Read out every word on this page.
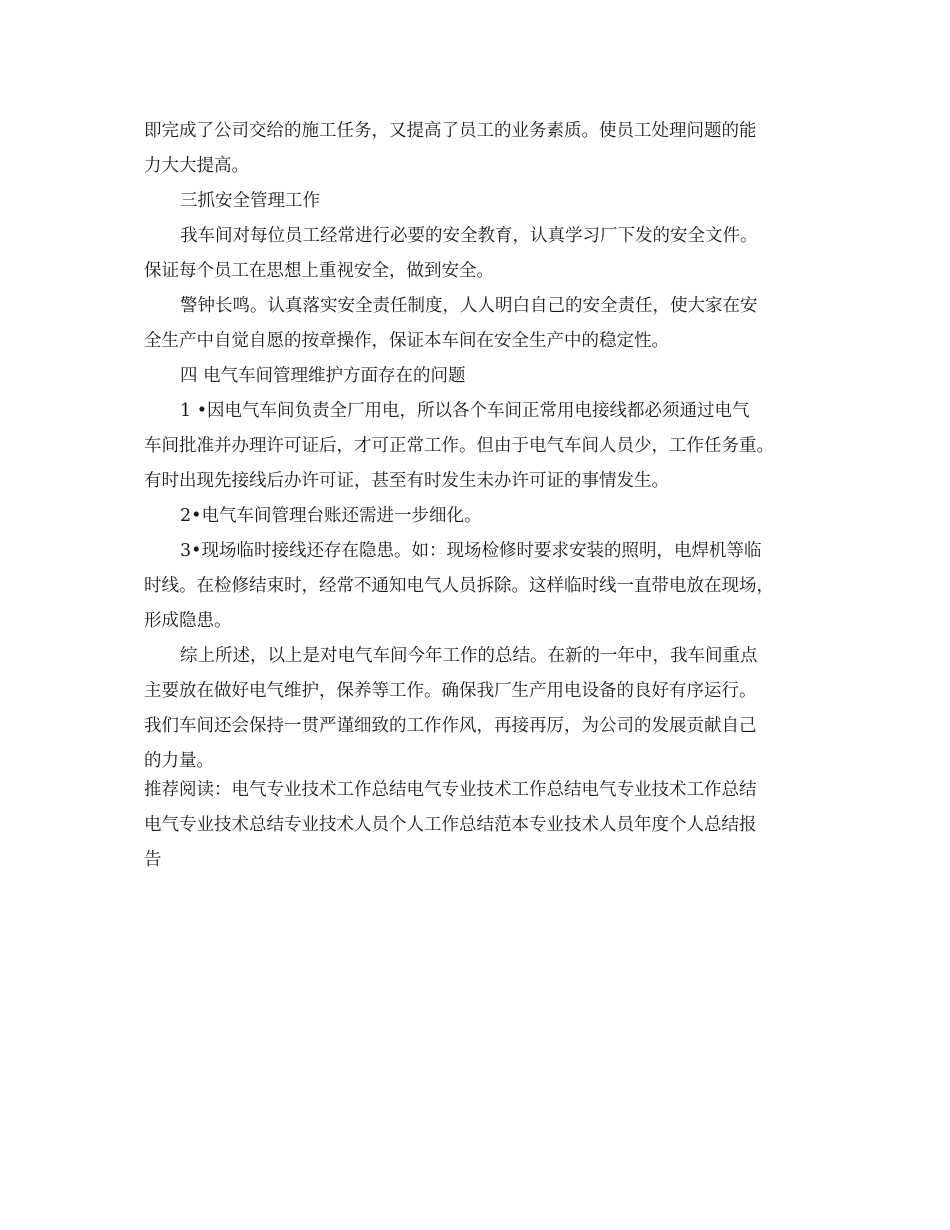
即完成了公司交给的施工任务，又提高了员工的业务素质。使员工处理问题的能

力大大提高。

三抓安全管理工作

我车间对每位员工经常进行必要的安全教育，认真学习厂下发的安全文件。

保证每个员工在思想上重视安全，做到安全。

警钟长鸣。认真落实安全责任制度，人人明白自己的安全责任，使大家在安

全生产中自觉自愿的按章操作，保证本车间在安全生产中的稳定性。

四 电气车间管理维护方面存在的问题

1 •因电气车间负责全厂用电，所以各个车间正常用电接线都必须通过电气

车间批准并办理许可证后，才可正常工作。但由于电气车间人员少，工作任务重。

有时出现先接线后办许可证，甚至有时发生未办许可证的事情发生。

2•电气车间管理台账还需进一步细化。

3•现场临时接线还存在隐患。如：现场检修时要求安装的照明，电焊机等临

时线。在检修结束时，经常不通知电气人员拆除。这样临时线一直带电放在现场，

形成隐患。

综上所述，以上是对电气车间今年工作的总结。在新的一年中，我车间重点

主要放在做好电气维护，保养等工作。确保我厂生产用电设备的良好有序运行。

我们车间还会保持一贯严谨细致的工作作风，再接再厉，为公司的发展贡献自己

的力量。

推荐阅读：电气专业技术工作总结电气专业技术工作总结电气专业技术工作总结

电气专业技术总结专业技术人员个人工作总结范本专业技术人员年度个人总结报

告
